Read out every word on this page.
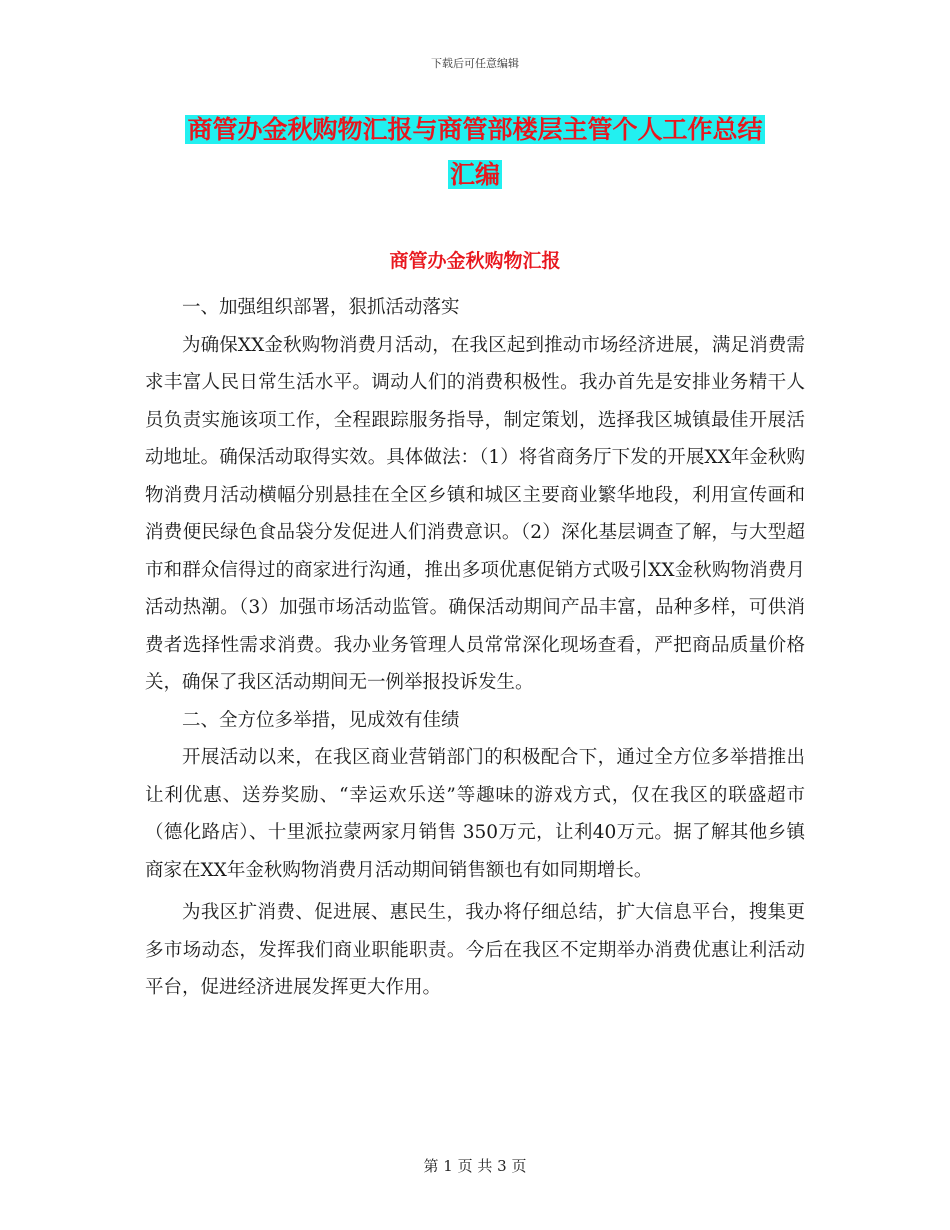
下载后可任意编辑
商管办金秋购物汇报与商管部楼层主管个人工作总结
汇编
商管办金秋购物汇报

一、加强组织部署，狠抓活动落实

为确保XX金秋购物消费月活动，在我区起到推动市场经济进展，满足消费需求丰富人民日常生活水平。调动人们的消费积极性。我办首先是安排业务精干人员负责实施该项工作，全程跟踪服务指导，制定策划，选择我区城镇最佳开展活动地址。确保活动取得实效。具体做法：（1）将省商务厅下发的开展XX年金秋购物消费月活动横幅分别悬挂在全区乡镇和城区主要商业繁华地段，利用宣传画和消费便民绿色食品袋分发促进人们消费意识。（2）深化基层调查了解，与大型超市和群众信得过的商家进行沟通，推出多项优惠促销方式吸引XX金秋购物消费月活动热潮。（3）加强市场活动监管。确保活动期间产品丰富，品种多样，可供消费者选择性需求消费。我办业务管理人员常常深化现场查看，严把商品质量价格关，确保了我区活动期间无一例举报投诉发生。

二、全方位多举措，见成效有佳绩

开展活动以来，在我区商业营销部门的积极配合下，通过全方位多举措推出让利优惠、送券奖励、“幸运欢乐送”等趣味的游戏方式，仅在我区的联盛超市（德化路店）、十里派拉蒙两家月销售 350万元，让利40万元。据了解其他乡镇商家在XX年金秋购物消费月活动期间销售额也有如同期增长。

为我区扩消费、促进展、惠民生，我办将仔细总结，扩大信息平台，搜集更多市场动态，发挥我们商业职能职责。今后在我区不定期举办消费优惠让利活动平台，促进经济进展发挥更大作用。

第 1 页 共 3 页
